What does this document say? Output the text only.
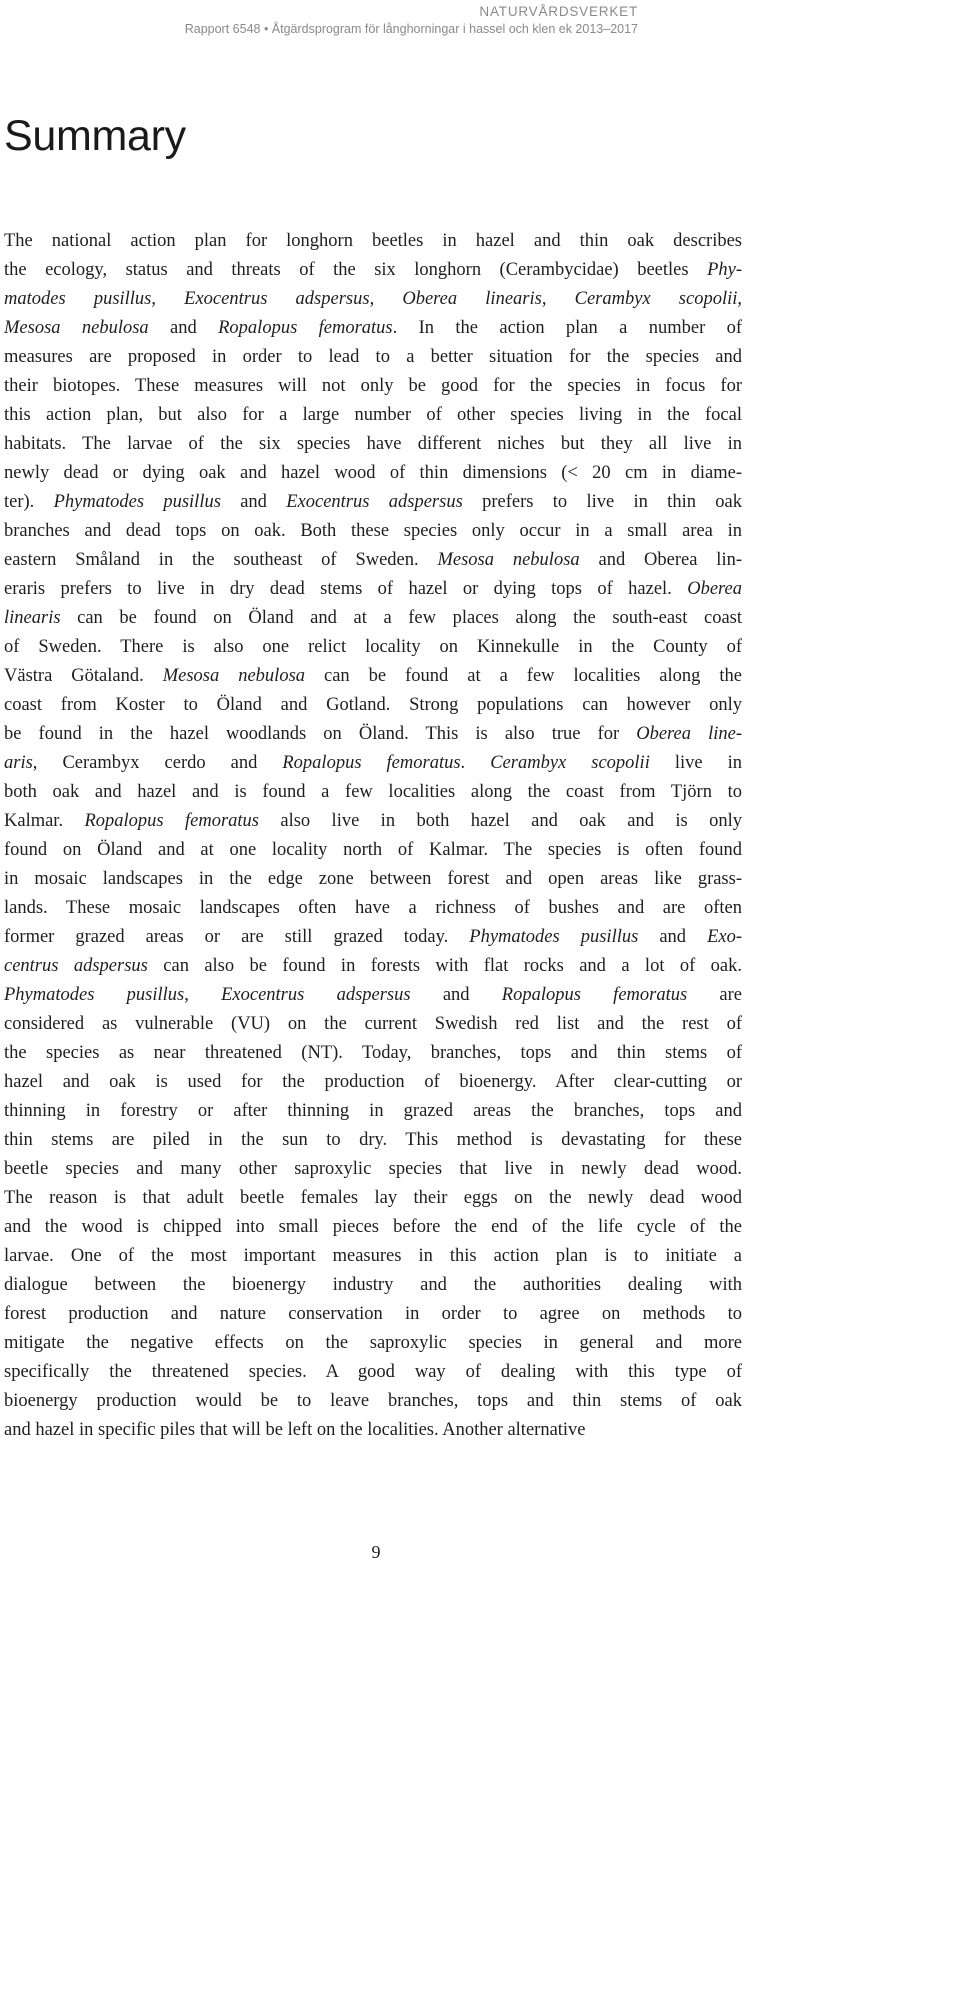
NATURVÅRDSVERKET
Rapport 6548 • Åtgärdsprogram för långhorningar i hassel och klen ek 2013–2017
Summary
The national action plan for longhorn beetles in hazel and thin oak describes
the ecology, status and threats of the six longhorn (Cerambycidae) beetles Phy-
matodes pusillus, Exocentrus adspersus, Oberea linearis, Cerambyx scopolii,
Mesosa nebulosa and Ropalopus femoratus. In the action plan a number of
measures are proposed in order to lead to a better situation for the species and
their biotopes. These measures will not only be good for the species in focus for
this action plan, but also for a large number of other species living in the focal
habitats. The larvae of the six species have different niches but they all live in
newly dead or dying oak and hazel wood of thin dimensions (< 20 cm in diame-
ter). Phymatodes pusillus and Exocentrus adspersus prefers to live in thin oak
branches and dead tops on oak. Both these species only occur in a small area in
eastern Småland in the southeast of Sweden. Mesosa nebulosa and Oberea lin-
eraris prefers to live in dry dead stems of hazel or dying tops of hazel. Oberea
linearis can be found on Öland and at a few places along the south-east coast
of Sweden. There is also one relict locality on Kinnekulle in the County of
Västra Götaland. Mesosa nebulosa can be found at a few localities along the
coast from Koster to Öland and Gotland. Strong populations can however only
be found in the hazel woodlands on Öland. This is also true for Oberea line-
aris, Cerambyx cerdo and Ropalopus femoratus. Cerambyx scopolii live in
both oak and hazel and is found a few localities along the coast from Tjörn to
Kalmar. Ropalopus femoratus also live in both hazel and oak and is only
found on Öland and at one locality north of Kalmar. The species is often found
in mosaic landscapes in the edge zone between forest and open areas like grass-
lands. These mosaic landscapes often have a richness of bushes and are often
former grazed areas or are still grazed today. Phymatodes pusillus and Exo-
centrus adspersus can also be found in forests with flat rocks and a lot of oak.
Phymatodes pusillus, Exocentrus adspersus and Ropalopus femoratus are
considered as vulnerable (VU) on the current Swedish red list and the rest of
the species as near threatened (NT). Today, branches, tops and thin stems of
hazel and oak is used for the production of bioenergy. After clear-cutting or
thinning in forestry or after thinning in grazed areas the branches, tops and
thin stems are piled in the sun to dry. This method is devastating for these
beetle species and many other saproxylic species that live in newly dead wood.
The reason is that adult beetle females lay their eggs on the newly dead wood
and the wood is chipped into small pieces before the end of the life cycle of the
larvae. One of the most important measures in this action plan is to initiate a
dialogue between the bioenergy industry and the authorities dealing with
forest production and nature conservation in order to agree on methods to
mitigate the negative effects on the saproxylic species in general and more
specifically the threatened species. A good way of dealing with this type of
bioenergy production would be to leave branches, tops and thin stems of oak
and hazel in specific piles that will be left on the localities. Another alternative
9
